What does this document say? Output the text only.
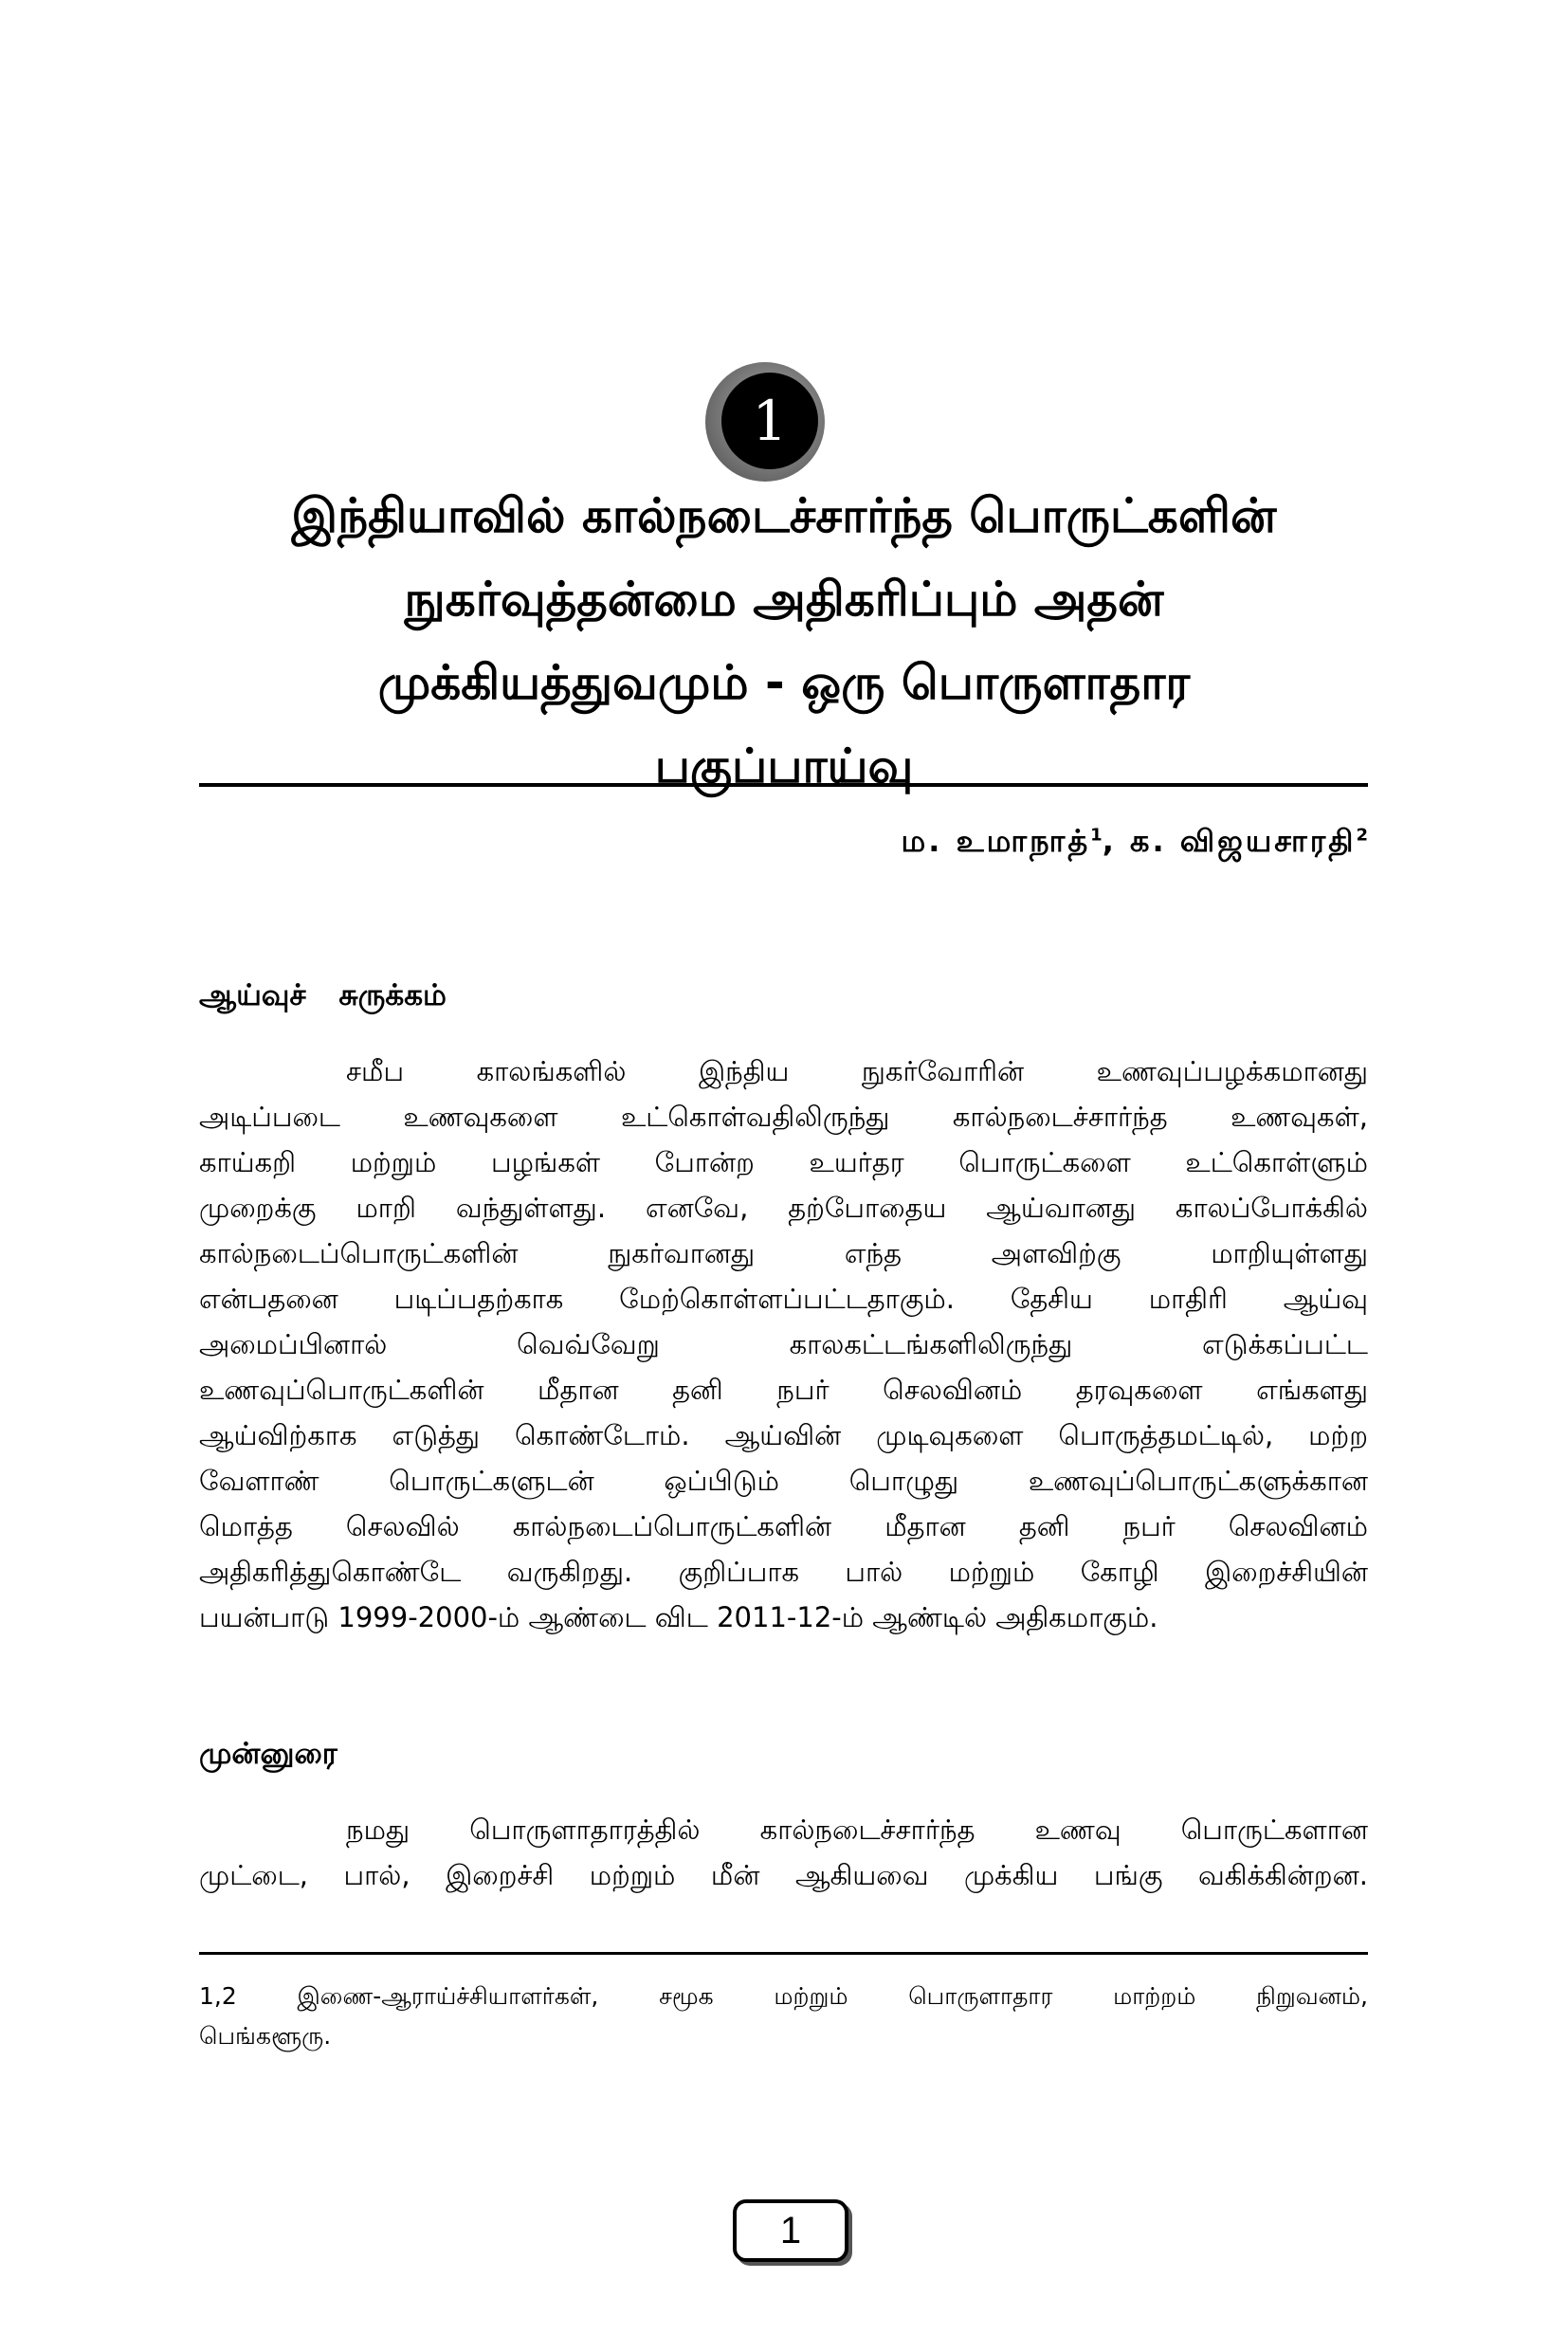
1
இந்தியாவில் கால்நடைச்சார்ந்த பொருட்களின்
நுகர்வுத்தன்மை அதிகரிப்பும் அதன்
முக்கியத்துவமும் - ஒரு பொருளாதார
பகுப்பாய்வு
ம. உமாநாத்$^1$, க. விஜயசாரதி$^2$
ஆய்வுச் சுருக்கம்
சமீப காலங்களில் இந்திய நுகர்வோரின் உணவுப்பழக்கமானது
அடிப்படை உணவுகளை உட்கொள்வதிலிருந்து கால்நடைச்சார்ந்த உணவுகள்,
காய்கறி மற்றும் பழங்கள் போன்ற உயர்தர பொருட்களை உட்கொள்ளும்
முறைக்கு மாறி வந்துள்ளது. எனவே, தற்போதைய ஆய்வானது காலப்போக்கில்
கால்நடைப்பொருட்களின் நுகர்வானது எந்த அளவிற்கு மாறியுள்ளது
என்பதனை படிப்பதற்காக மேற்கொள்ளப்பட்டதாகும். தேசிய மாதிரி ஆய்வு
அமைப்பினால் வெவ்வேறு காலகட்டங்களிலிருந்து எடுக்கப்பட்ட
உணவுப்பொருட்களின் மீதான தனி நபர் செலவினம் தரவுகளை எங்களது
ஆய்விற்காக எடுத்து கொண்டோம். ஆய்வின் முடிவுகளை பொருத்தமட்டில், மற்ற
வேளாண் பொருட்களுடன் ஒப்பிடும் பொழுது உணவுப்பொருட்களுக்கான
மொத்த செலவில் கால்நடைப்பொருட்களின் மீதான தனி நபர் செலவினம்
அதிகரித்துகொண்டே வருகிறது. குறிப்பாக பால் மற்றும் கோழி இறைச்சியின்
பயன்பாடு 1999-2000-ம் ஆண்டை விட 2011-12-ம் ஆண்டில் அதிகமாகும்.
முன்னுரை
நமது பொருளாதாரத்தில் கால்நடைச்சார்ந்த உணவு பொருட்களான
முட்டை, பால், இறைச்சி மற்றும் மீன் ஆகியவை முக்கிய பங்கு வகிக்கின்றன.
1,2 இணை-ஆராய்ச்சியாளர்கள், சமூக மற்றும் பொருளாதார மாற்றம் நிறுவனம்,
பெங்களூரு.
1
